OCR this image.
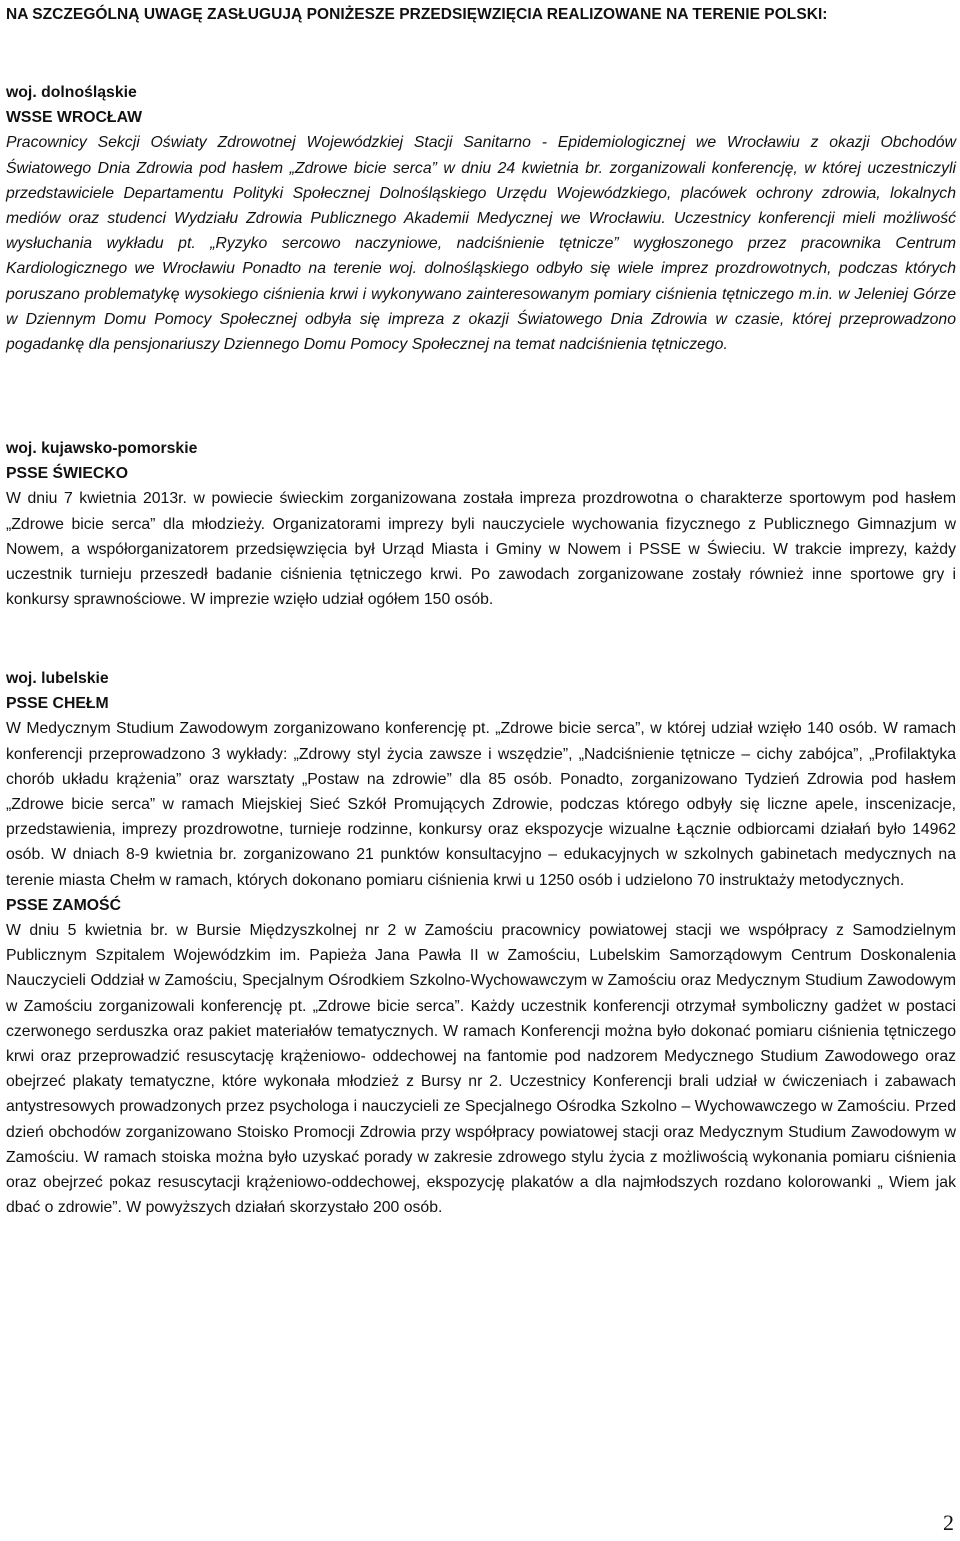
NA SZCZEGÓLNĄ UWAGĘ ZASŁUGUJĄ PONIŻESZE PRZEDSIĘWZIĘCIA REALIZOWANE NA TERENIE POLSKI:

woj. dolnośląskie

WSSE WROCŁAW

Pracownicy Sekcji Oświaty Zdrowotnej Wojewódzkiej Stacji Sanitarno - Epidemiologicznej we Wrocławiu z okazji Obchodów Światowego Dnia Zdrowia pod hasłem „Zdrowe bicie serca” w dniu 24 kwietnia br. zorganizowali konferencję, w której uczestniczyli przedstawiciele Departamentu Polityki Społecznej Dolnośląskiego Urzędu Wojewódzkiego, placówek ochrony zdrowia, lokalnych mediów oraz studenci Wydziału Zdrowia Publicznego Akademii Medycznej we Wrocławiu. Uczestnicy konferencji mieli możliwość wysłuchania wykładu pt. „Ryzyko sercowo naczyniowe, nadciśnienie tętnicze” wygłoszonego przez pracownika Centrum Kardiologicznego we Wrocławiu Ponadto na terenie woj. dolnośląskiego odbyło się wiele imprez prozdrowotnych, podczas których poruszano problematykę wysokiego ciśnienia krwi i wykonywano zainteresowanym pomiary ciśnienia tętniczego m.in. w Jeleniej Górze w Dziennym Domu Pomocy Społecznej odbyła się impreza z okazji Światowego Dnia Zdrowia w czasie, której przeprowadzono pogadankę dla pensjonariuszy Dziennego Domu Pomocy Społecznej na temat nadciśnienia tętniczego.

woj. kujawsko-pomorskie

PSSE ŚWIECKO

W dniu 7 kwietnia 2013r. w powiecie świeckim zorganizowana została impreza prozdrowotna o charakterze sportowym pod hasłem „Zdrowe bicie serca” dla młodzieży. Organizatorami imprezy byli nauczyciele wychowania fizycznego z Publicznego Gimnazjum w Nowem, a współorganizatorem przedsięwzięcia był Urząd Miasta i Gminy w Nowem i PSSE w Świeciu. W trakcie imprezy, każdy uczestnik turnieju przeszedł badanie ciśnienia tętniczego krwi. Po zawodach zorganizowane zostały również inne sportowe gry i konkursy sprawnościowe. W imprezie wzięło udział ogółem 150 osób.

woj. lubelskie

PSSE CHEŁM

W Medycznym Studium Zawodowym zorganizowano konferencję pt. „Zdrowe bicie serca”, w której udział wzięło 140 osób. W ramach konferencji przeprowadzono 3 wykłady: „Zdrowy styl życia zawsze i wszędzie”, „Nadciśnienie tętnicze – cichy zabójca”, „Profilaktyka chorób układu krążenia” oraz warsztaty „Postaw na zdrowie” dla 85 osób. Ponadto, zorganizowano Tydzień Zdrowia pod hasłem „Zdrowe bicie serca” w ramach Miejskiej Sieć Szkół Promujących Zdrowie, podczas którego odbyły się liczne apele, inscenizacje, przedstawienia, imprezy prozdrowotne, turnieje rodzinne, konkursy oraz ekspozycje wizualne Łącznie odbiorcami działań było 14962 osób. W dniach 8-9 kwietnia br. zorganizowano 21 punktów konsultacyjno – edukacyjnych w szkolnych gabinetach medycznych na terenie miasta Chełm w ramach, których dokonano pomiaru ciśnienia krwi u 1250 osób i udzielono 70 instruktaży metodycznych.

PSSE ZAMOŚĆ

W dniu 5 kwietnia br. w Bursie Międzyszkolnej nr 2 w Zamościu pracownicy powiatowej stacji we współpracy z Samodzielnym Publicznym Szpitalem Wojewódzkim im. Papieża Jana Pawła II w Zamościu, Lubelskim Samorządowym Centrum Doskonalenia Nauczycieli Oddział w Zamościu, Specjalnym Ośrodkiem Szkolno-Wychowawczym w Zamościu oraz Medycznym Studium Zawodowym w Zamościu zorganizowali konferencję pt. „Zdrowe bicie serca”. Każdy uczestnik konferencji otrzymał symboliczny gadżet w postaci czerwonego serduszka oraz pakiet materiałów tematycznych. W ramach Konferencji można było dokonać pomiaru ciśnienia tętniczego krwi oraz przeprowadzić resuscytację krążeniowo- oddechowej na fantomie pod nadzorem Medycznego Studium Zawodowego oraz obejrzeć plakaty tematyczne, które wykonała młodzież z Bursy nr 2. Uczestnicy Konferencji brali udział w ćwiczeniach i zabawach antystresowych prowadzonych przez psychologa i nauczycieli ze Specjalnego Ośrodka Szkolno – Wychowawczego w Zamościu. Przed dzień obchodów zorganizowano Stoisko Promocji Zdrowia przy współpracy powiatowej stacji oraz Medycznym Studium Zawodowym w Zamościu. W ramach stoiska można było uzyskać porady w zakresie zdrowego stylu życia z możliwością wykonania pomiaru ciśnienia oraz obejrzeć pokaz resuscytacji krążeniowo-oddechowej, ekspozycję plakatów a dla najmłodszych rozdano kolorowanki „ Wiem jak dbać o zdrowie”. W powyższych działań skorzystało 200 osób.

2
